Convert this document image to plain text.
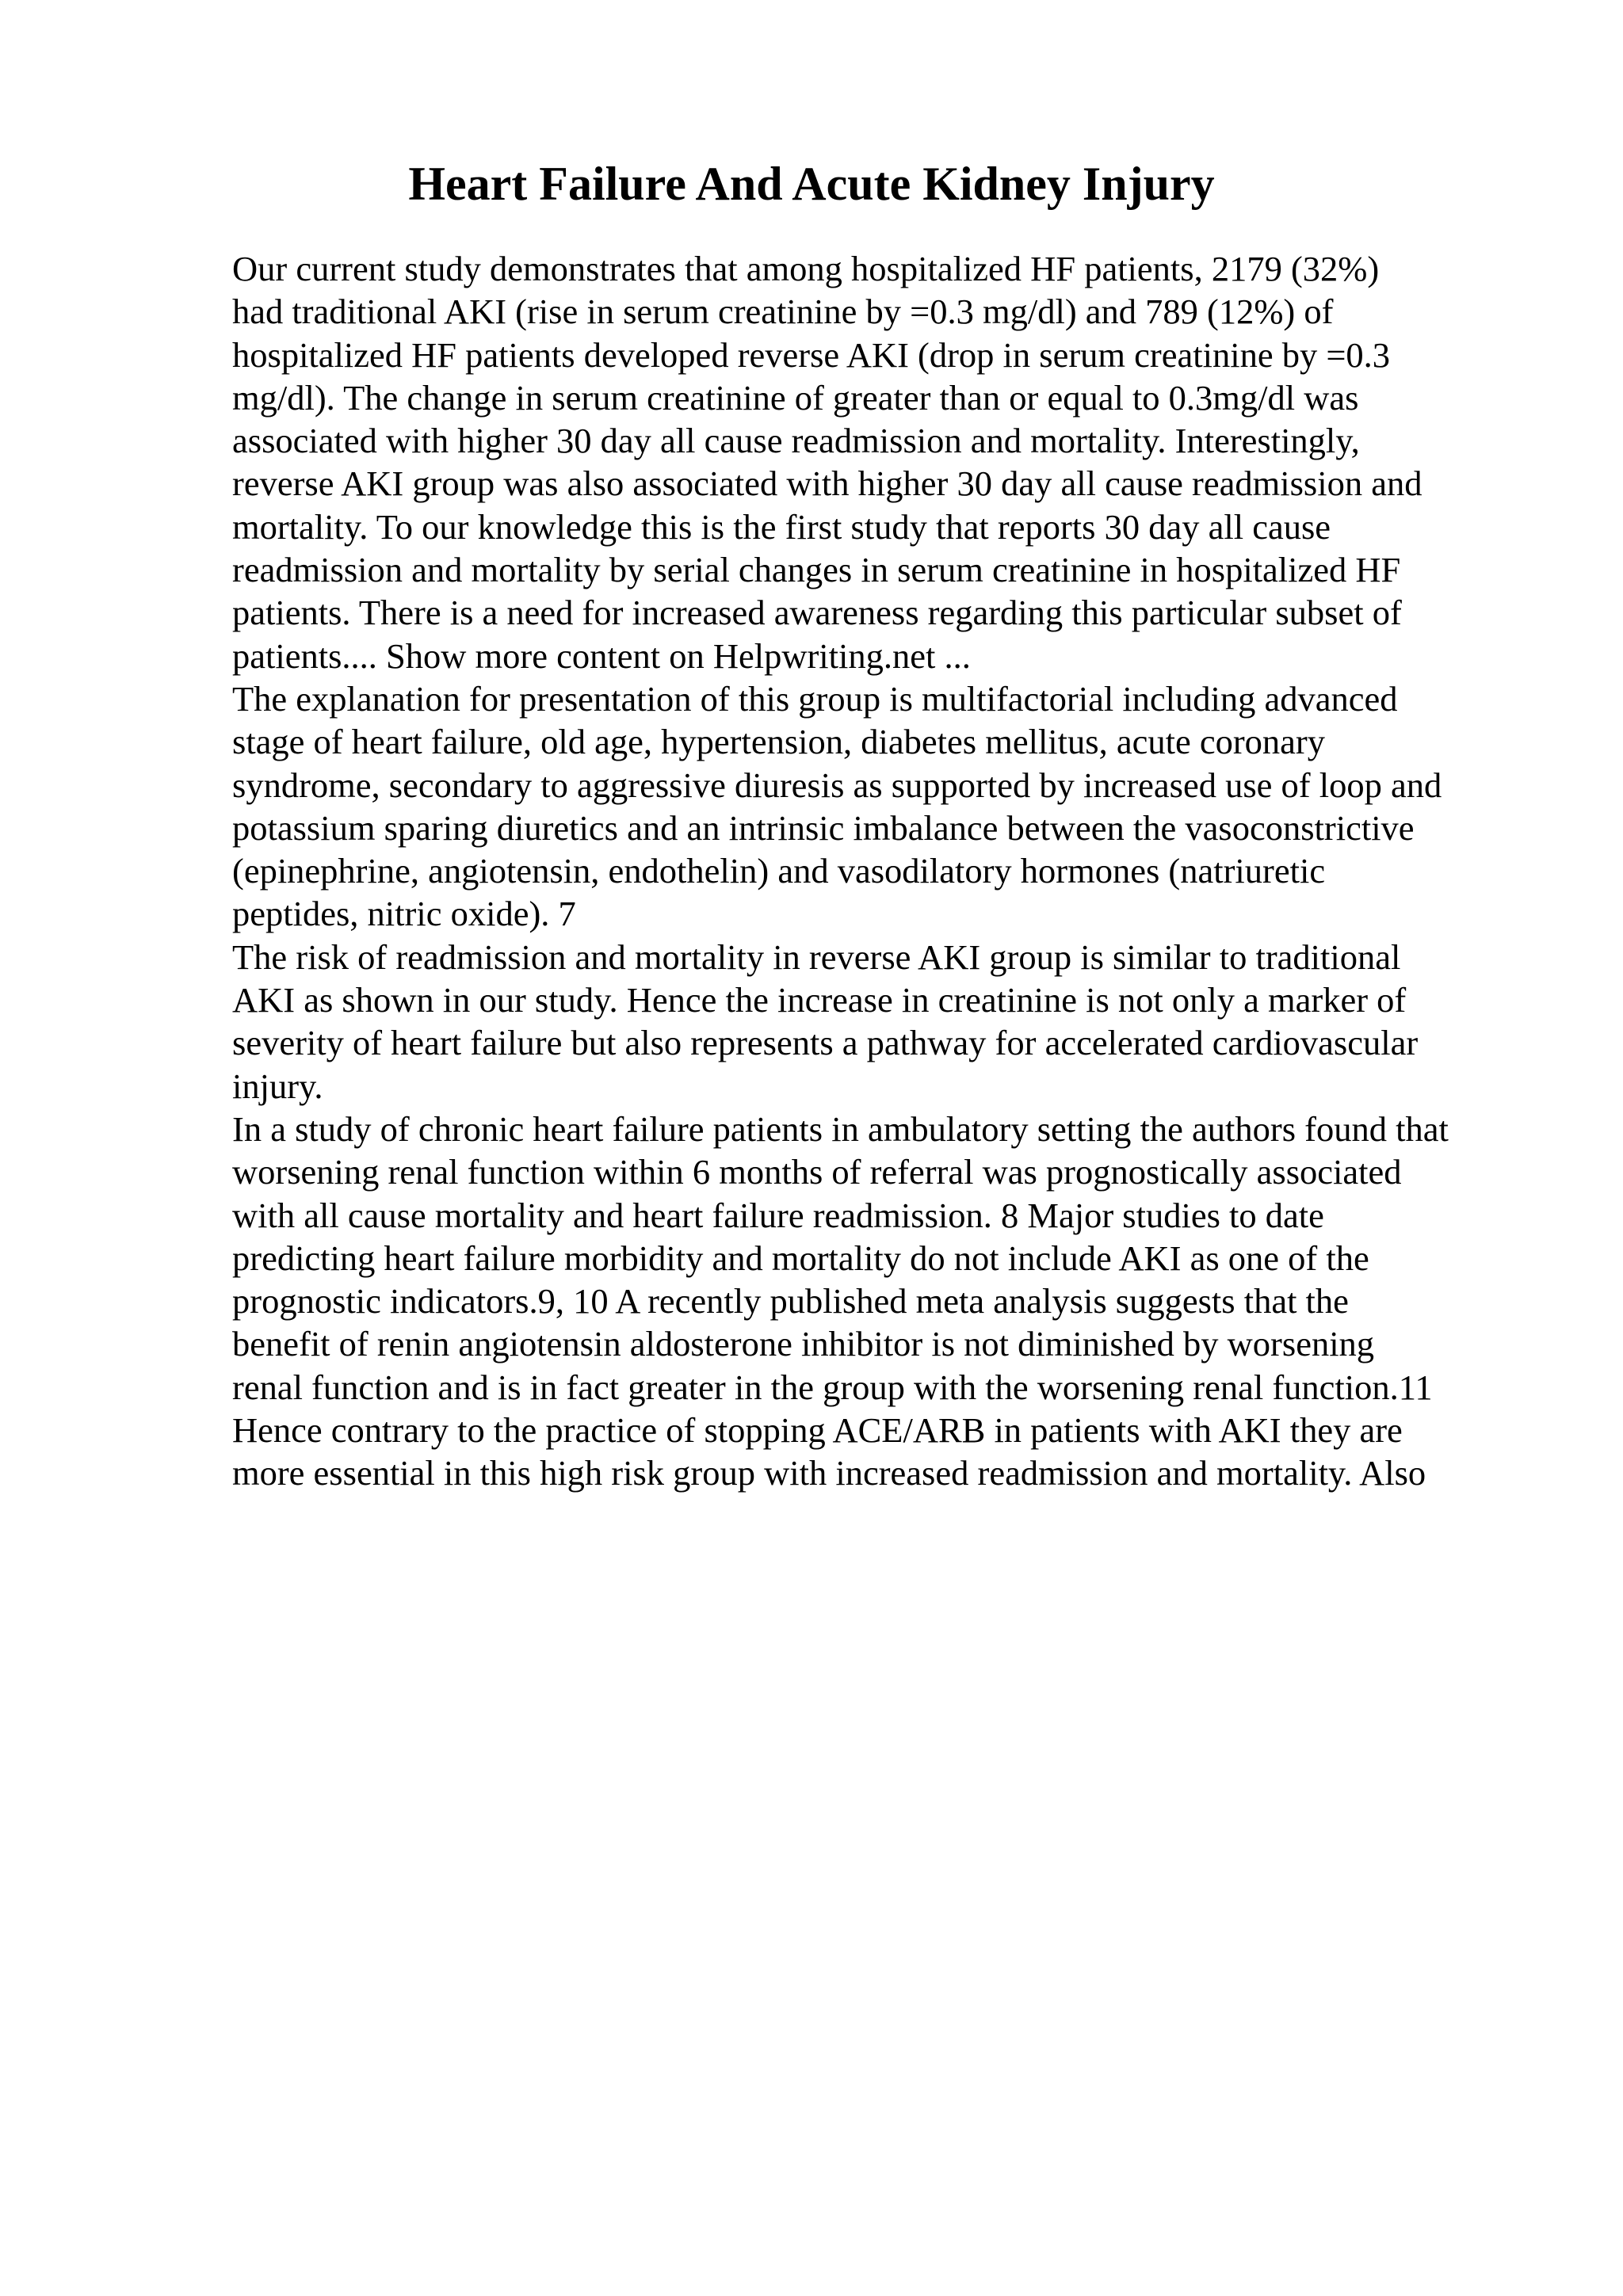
Heart Failure And Acute Kidney Injury
Our current study demonstrates that among hospitalized HF patients, 2179 (32%)
had traditional AKI (rise in serum creatinine by =0.3 mg/dl) and 789 (12%) of
hospitalized HF patients developed reverse AKI (drop in serum creatinine by =0.3
mg/dl). The change in serum creatinine of greater than or equal to 0.3mg/dl was
associated with higher 30 day all cause readmission and mortality. Interestingly,
reverse AKI group was also associated with higher 30 day all cause readmission and
mortality. To our knowledge this is the first study that reports 30 day all cause
readmission and mortality by serial changes in serum creatinine in hospitalized HF
patients. There is a need for increased awareness regarding this particular subset of
patients.... Show more content on Helpwriting.net ...
The explanation for presentation of this group is multifactorial including advanced
stage of heart failure, old age, hypertension, diabetes mellitus, acute coronary
syndrome, secondary to aggressive diuresis as supported by increased use of loop and
potassium sparing diuretics and an intrinsic imbalance between the vasoconstrictive
(epinephrine, angiotensin, endothelin) and vasodilatory hormones (natriuretic
peptides, nitric oxide). 7
The risk of readmission and mortality in reverse AKI group is similar to traditional
AKI as shown in our study. Hence the increase in creatinine is not only a marker of
severity of heart failure but also represents a pathway for accelerated cardiovascular
injury.
In a study of chronic heart failure patients in ambulatory setting the authors found that
worsening renal function within 6 months of referral was prognostically associated
with all cause mortality and heart failure readmission. 8 Major studies to date
predicting heart failure morbidity and mortality do not include AKI as one of the
prognostic indicators.9, 10 A recently published meta analysis suggests that the
benefit of renin angiotensin aldosterone inhibitor is not diminished by worsening
renal function and is in fact greater in the group with the worsening renal function.11
Hence contrary to the practice of stopping ACE/ARB in patients with AKI they are
more essential in this high risk group with increased readmission and mortality. Also
